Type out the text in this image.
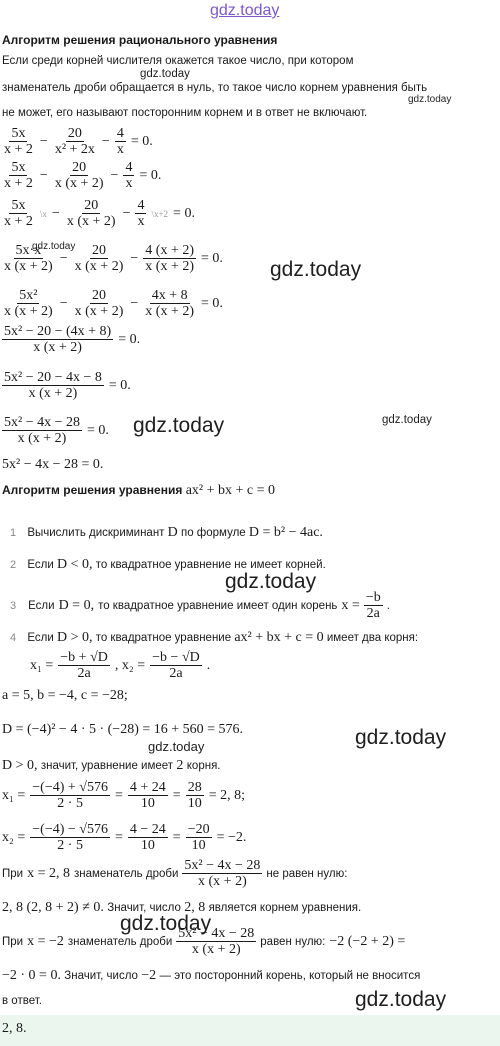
gdz.today
gdz.today
gdz.today
gdz.today
gdz.today
gdz.today	gdz.today
gdz.today
gdz.today
gdz.today
gdz.today
gdz.today
Алгоритм решения рационального уравнения
Если среди корней числителя окажется такое число, при котором
знаменатель дроби обращается в нуль, то такое число корнем уравнения быть
не может, его называют посторонним корнем и в ответ не включают.
$\frac{5x}{x + 2} - \frac{20}{\text{x² + 2x}} - \frac{4}{x} = 0$.
$\frac{5x}{x + 2} - \frac{20}{x (x + 2)} - \frac{4}{x} = 0$.
$\frac{5x}{x + 2}$ \x − $\frac{20}{x (x + 2)} - \frac{4}{x}$ \x+2 = 0.
$\frac{5x\cdot x}{x (x + 2)} - \frac{20}{x (x + 2)} - \frac{4 (x + 2)}{x (x + 2)} = 0$.
$\frac{\text{5x²}}{x (x + 2)} - \frac{20}{x (x + 2)} - \frac{4x + 8}{x (x + 2)} = 0$.
$\frac{\text{5x² − 20 − (4x + 8)}}{x (x + 2)} = 0$.
$\frac{\text{5x² − 20 − 4x − 8}}{x (x + 2)} = 0$.
$\frac{\text{5x² − 4x − 28}}{x (x + 2)} = 0$.
5x² − 4x − 28 = 0.
Алгоритм решения уравнения ax² + bx + c = 0
1 Вычислить дискриминант D по формуле D = b² − 4ac.
2 Если D < 0, то квадратное уравнение не имеет корней.
3 Если D = 0, то квадратное уравнение имеет один корень $x = \frac{-b}{2a}$ .
4 Если D > 0, то квадратное уравнение ax² + bx + c = 0 имеет два корня:
$x_1 = \frac{-b + √D}{2a}$ , $x_2 = \frac{-b - √D}{2a}$ .
a = 5, b = −4, c = −28;
D = (−4)² − 4 · 5 · (−28) = 16 + 560 = 576.
D > 0, значит, уравнение имеет 2 корня.
$x_1 = \frac{-(-4) + √576}{2 \cdot 5} = \frac{4 + 24}{10} = \frac{28}{10} = 2$, 8;
$x_2 = \frac{-(-4) - √576}{2 \cdot 5} = \frac{4 - 24}{10} = \frac{-20}{10} = -2$.
При x = 2, 8 знаменатель дроби $\frac{\text{5x² − 4x − 28}}{x (x + 2)}$ не равен нулю:
2, 8 (2, 8 + 2) ≠ 0. Значит, число 2, 8 является корнем уравнения.
При x = −2 знаменатель дроби $\frac{\text{5x² − 4x − 28}}{x (x + 2)}$ равен нулю: −2 (−2 + 2) =
−2 · 0 = 0. Значит, число −2 — это посторонний корень, который не вносится
в ответ.
2, 8.
